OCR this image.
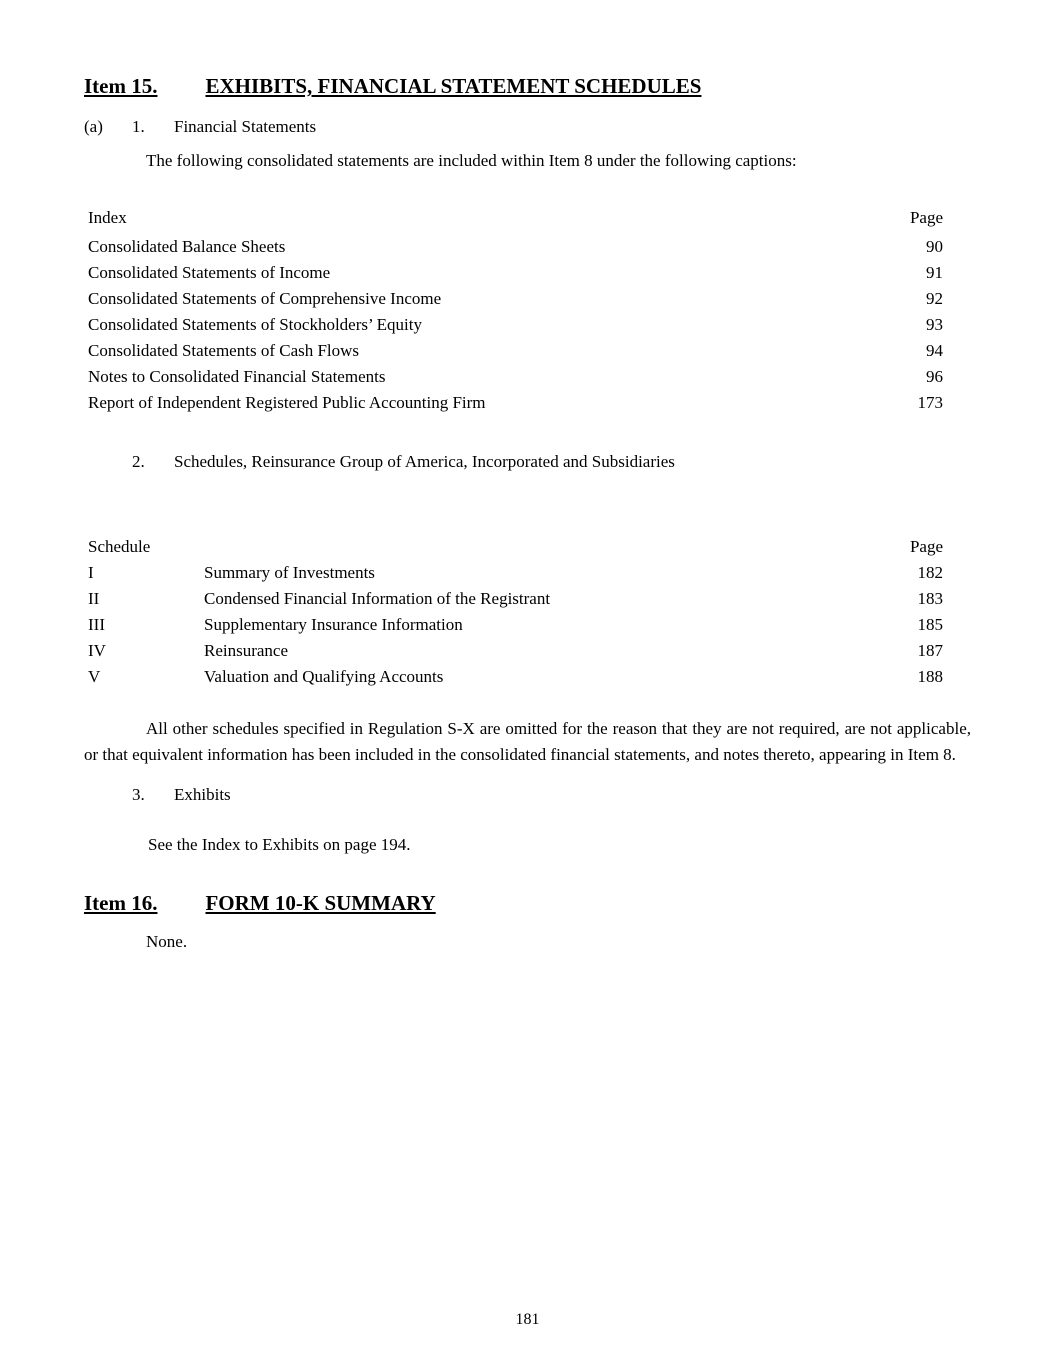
Item 15. EXHIBITS, FINANCIAL STATEMENT SCHEDULES
(a)	1.	Financial Statements
The following consolidated statements are included within Item 8 under the following captions:
Index	Page
Consolidated Balance Sheets	90
Consolidated Statements of Income	91
Consolidated Statements of Comprehensive Income	92
Consolidated Statements of Stockholders’ Equity	93
Consolidated Statements of Cash Flows	94
Notes to Consolidated Financial Statements	96
Report of Independent Registered Public Accounting Firm	173
2.	Schedules, Reinsurance Group of America, Incorporated and Subsidiaries
Schedule		Page
I	Summary of Investments	182
II	Condensed Financial Information of the Registrant	183
III	Supplementary Insurance Information	185
IV	Reinsurance	187
V	Valuation and Qualifying Accounts	188

All other schedules specified in Regulation S-X are omitted for the reason that they are not required, are not applicable, or that equivalent information has been included in the consolidated financial statements, and notes thereto, appearing in Item 8.

3.	Exhibits
See the Index to Exhibits on page 194.
Item 16. FORM 10-K SUMMARY
None.
181
